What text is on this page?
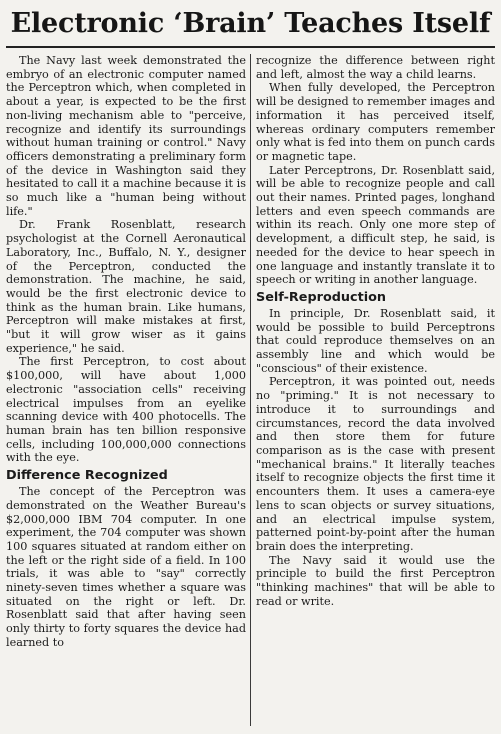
Electronic ‘Brain’ Teaches Itself

The Navy last week demonstrated the embryo of an electronic computer named the Perceptron which, when completed in about a year, is expected to be the first non-living mechanism able to "perceive, recognize and identify its surroundings without human training or control." Navy officers demonstrating a preliminary form of the device in Washington said they hesitated to call it a machine because it is so much like a "human being without life."

Dr. Frank Rosenblatt, research psychologist at the Cornell Aeronautical Laboratory, Inc., Buffalo, N. Y., designer of the Perceptron, conducted the demonstration. The machine, he said, would be the first electronic device to think as the human brain. Like humans, Perceptron will make mistakes at first, "but it will grow wiser as it gains experience," he said.

The first Perceptron, to cost about $100,000, will have about 1,000 electronic "association cells" receiving electrical impulses from an eyelike scanning device with 400 photocells. The human brain has ten billion responsive cells, including 100,000,000 connections with the eye.

Difference Recognized

The concept of the Perceptron was demonstrated on the Weather Bureau's $2,000,000 IBM 704 computer. In one experiment, the 704 computer was shown 100 squares situated at random either on the left or the right side of a field. In 100 trials, it was able to "say" correctly ninety-seven times whether a square was situated on the right or left. Dr. Rosenblatt said that after having seen only thirty to forty squares the device had learned to

recognize the difference between right and left, almost the way a child learns.

When fully developed, the Perceptron will be designed to remember images and information it has perceived itself, whereas ordinary computers remember only what is fed into them on punch cards or magnetic tape.

Later Perceptrons, Dr. Rosenblatt said, will be able to recognize people and call out their names. Printed pages, longhand letters and even speech commands are within its reach. Only one more step of development, a difficult step, he said, is needed for the device to hear speech in one language and instantly translate it to speech or writing in another language.

Self-Reproduction

In principle, Dr. Rosenblatt said, it would be possible to build Perceptrons that could reproduce themselves on an assembly line and which would be "conscious" of their existence.

Perceptron, it was pointed out, needs no "priming." It is not necessary to introduce it to surroundings and circumstances, record the data involved and then store them for future comparison as is the case with present "mechanical brains." It literally teaches itself to recognize objects the first time it encounters them. It uses a camera-eye lens to scan objects or survey situations, and an electrical impulse system, patterned point-by-point after the human brain does the interpreting.

The Navy said it would use the principle to build the first Perceptron "thinking machines" that will be able to read or write.
